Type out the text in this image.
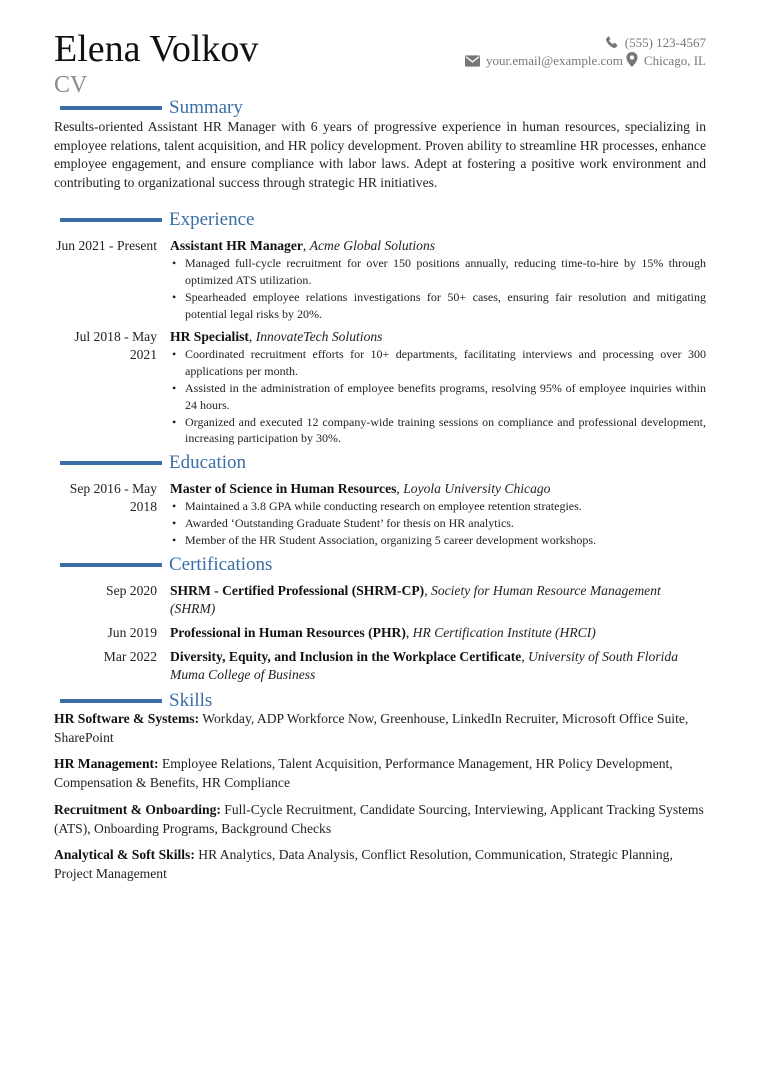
Elena Volkov
CV
(555) 123-4567
your.email@example.com Chicago, IL
Summary
Results-oriented Assistant HR Manager with 6 years of progressive experience in human resources, specializing in employee relations, talent acquisition, and HR policy development. Proven ability to streamline HR processes, enhance employee engagement, and ensure compliance with labor laws. Adept at fostering a positive work environment and contributing to organizational success through strategic HR initiatives.
Experience
Jun 2021 - Present Assistant HR Manager, Acme Global Solutions
• Managed full-cycle recruitment for over 150 positions annually, reducing time-to-hire by 15% through optimized ATS utilization.
• Spearheaded employee relations investigations for 50+ cases, ensuring fair resolution and mitigating potential legal risks by 20%.
Jul 2018 - May 2021
HR Specialist, InnovateTech Solutions
• Coordinated recruitment efforts for 10+ departments, facilitating interviews and processing over 300 applications per month.
• Assisted in the administration of employee benefits programs, resolving 95% of employee inquiries within 24 hours.
• Organized and executed 12 company-wide training sessions on compliance and professional development, increasing participation by 30%.
Education
Sep 2016 - May 2018
Master of Science in Human Resources, Loyola University Chicago
• Maintained a 3.8 GPA while conducting research on employee retention strategies.
• Awarded ‘Outstanding Graduate Student’ for thesis on HR analytics.
• Member of the HR Student Association, organizing 5 career development workshops.
Certifications
Sep 2020 SHRM - Certified Professional (SHRM-CP), Society for Human Resource Management (SHRM)
Jun 2019 Professional in Human Resources (PHR), HR Certification Institute (HRCI)
Mar 2022 Diversity, Equity, and Inclusion in the Workplace Certificate, University of South Florida Muma College of Business
Skills
HR Software & Systems: Workday, ADP Workforce Now, Greenhouse, LinkedIn Recruiter, Microsoft Office Suite, SharePoint
HR Management: Employee Relations, Talent Acquisition, Performance Management, HR Policy Development, Compensation & Benefits, HR Compliance
Recruitment & Onboarding: Full-Cycle Recruitment, Candidate Sourcing, Interviewing, Applicant Tracking Systems (ATS), Onboarding Programs, Background Checks
Analytical & Soft Skills: HR Analytics, Data Analysis, Conflict Resolution, Communication, Strategic Planning, Project Management
